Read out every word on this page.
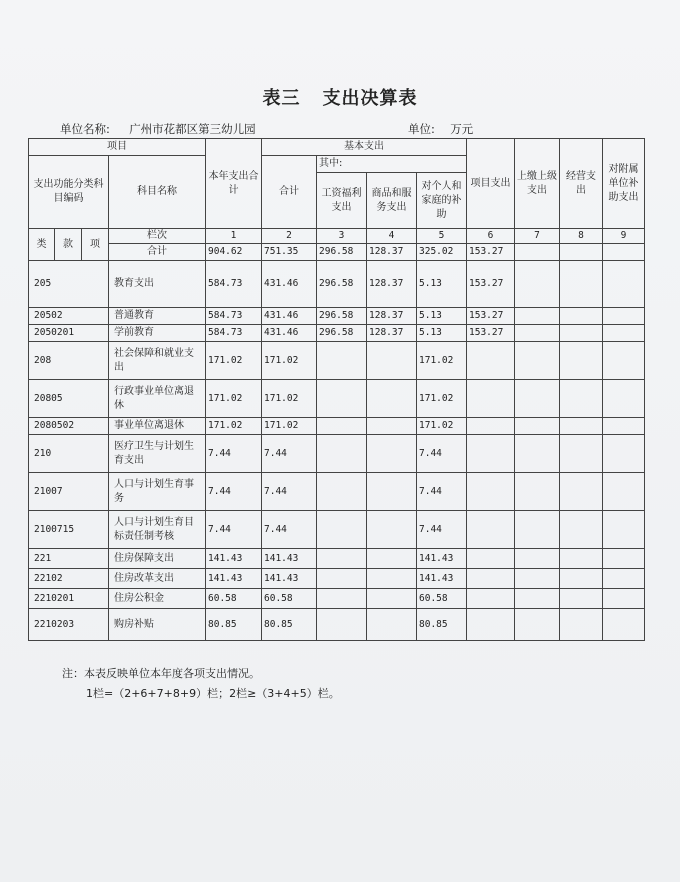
表三 支出决算表
单位名称: 广州市花都区第三幼儿园	单位: 万元
项目				本年支出合计	基本支出				项目支出	上缴上级支出	经营支出	对附属单位补助支出
支出功能分类科目编码			科目名称		合计	其中:						
						工资福利支出	商品和服务支出	对个人和家庭的补助				
类	款	项	栏次	1	2	3	4	5	6	7	8	9
			合计	904.62	751.35	296.58	128.37	325.02	153.27			
205			教育支出	584.73	431.46	296.58	128.37	5.13	153.27			
20502			普通教育	584.73	431.46	296.58	128.37	5.13	153.27			
2050201			学前教育	584.73	431.46	296.58	128.37	5.13	153.27			
208			社会保障和就业支出	171.02	171.02			171.02				
20805			行政事业单位离退休	171.02	171.02			171.02				
2080502			事业单位离退休	171.02	171.02			171.02				
210			医疗卫生与计划生育支出	7.44	7.44			7.44				
21007			人口与计划生育事务	7.44	7.44			7.44				
2100715			人口与计划生育目标责任制考核	7.44	7.44			7.44				
221			住房保障支出	141.43	141.43			141.43				
22102			住房改革支出	141.43	141.43			141.43				
2210201			住房公积金	60.58	60.58			60.58				
2210203			购房补贴	80.85	80.85			80.85				
注：本表反映单位本年度各项支出情况。
1栏=（2+6+7+8+9）栏；2栏≥（3+4+5）栏。
